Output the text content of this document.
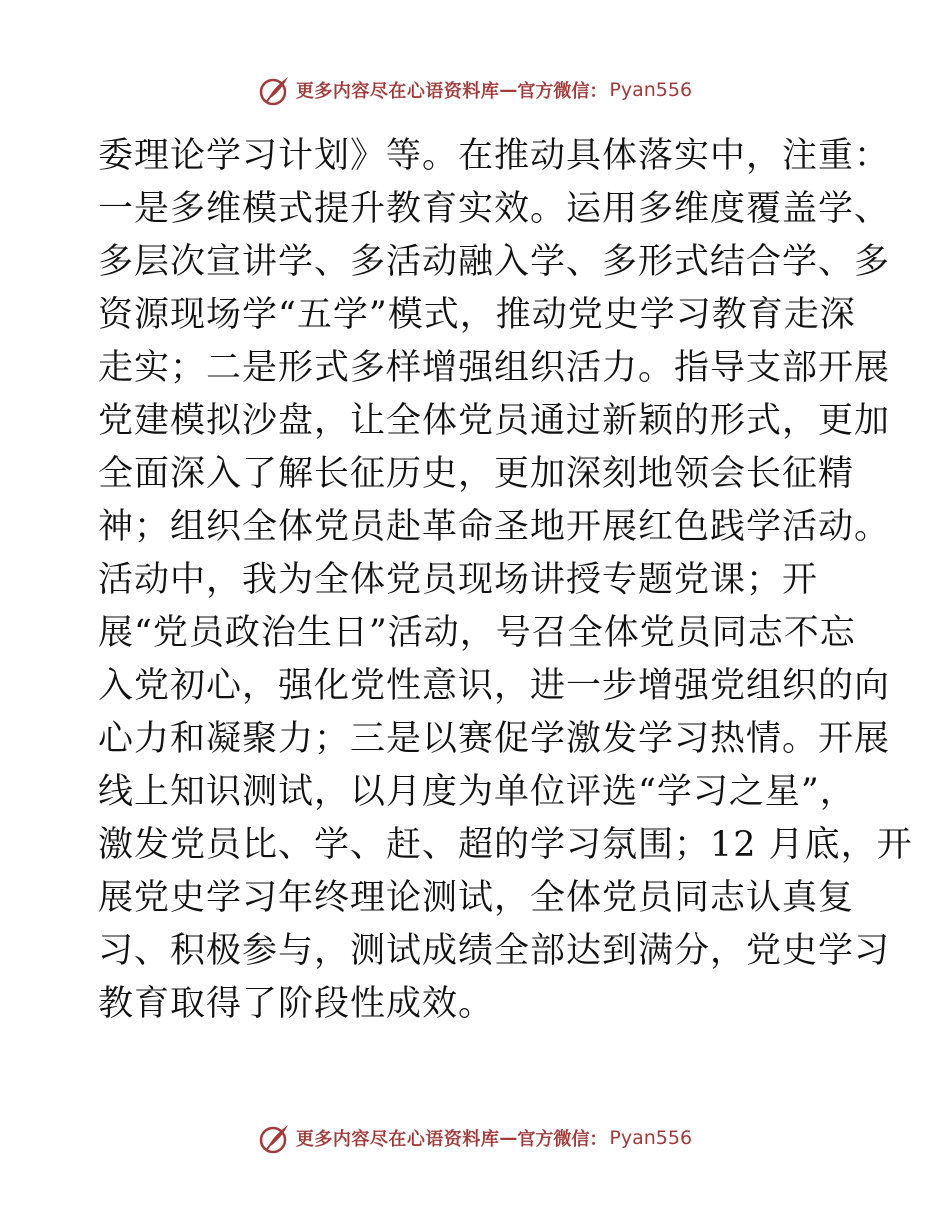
更多内容尽在心语资料库 — 官方微信： Pyan556
委理论学习计划》等。在推动具体落实中，注重：
一是多维模式提升教育实效。运用多维度覆盖学、
多层次宣讲学、多活动融入学、多形式结合学、多
资源现场学“五学”模式，推动党史学习教育走深
走实；二是形式多样增强组织活力。指导支部开展
党建模拟沙盘，让全体党员通过新颖的形式，更加
全面深入了解长征历史，更加深刻地领会长征精
神；组织全体党员赴革命圣地开展红色践学活动。
活动中，我为全体党员现场讲授专题党课；开
展“党员政治生日”活动，号召全体党员同志不忘
入党初心，强化党性意识，进一步增强党组织的向
心力和凝聚力；三是以赛促学激发学习热情。开展
线上知识测试，以月度为单位评选“学习之星”，
激发党员比、学、赶、超的学习氛围；12 月底，开
展党史学习年终理论测试，全体党员同志认真复
习、积极参与，测试成绩全部达到满分，党史学习
教育取得了阶段性成效。
更多内容尽在心语资料库 — 官方微信： Pyan556
